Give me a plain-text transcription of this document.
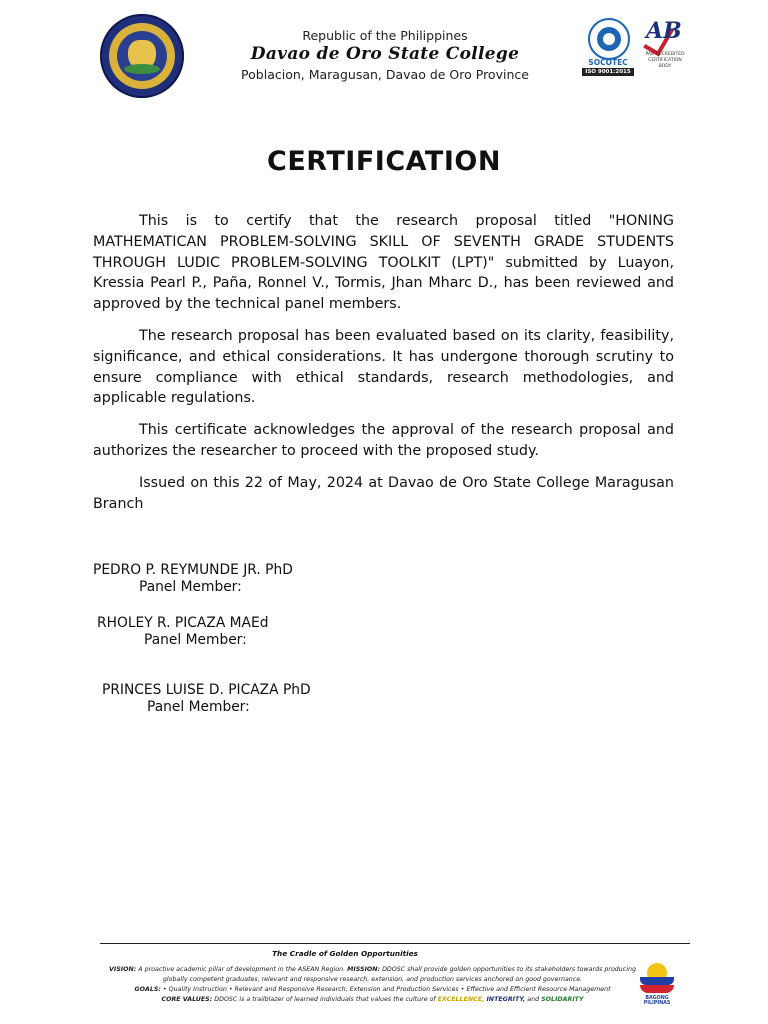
Republic of the Philippines
Davao de Oro State College
Poblacion, Maragusan, Davao de Oro Province
SOCOTEC
ISO 9001:2015
AB
PAB ACCREDITED CERTIFICATION BODY
CERTIFICATION

This is to certify that the research proposal titled "HONING MATHEMATICAN PROBLEM-SOLVING SKILL OF SEVENTH GRADE STUDENTS THROUGH LUDIC PROBLEM-SOLVING TOOLKIT (LPT)" submitted by Luayon, Kressia Pearl P., Paña, Ronnel V., Tormis, Jhan Mharc D., has been reviewed and approved by the technical panel members.

The research proposal has been evaluated based on its clarity, feasibility, significance, and ethical considerations. It has undergone thorough scrutiny to ensure compliance with ethical standards, research methodologies, and applicable regulations.

This certificate acknowledges the approval of the research proposal and authorizes the researcher to proceed with the proposed study.

Issued on this 22 of May, 2024 at Davao de Oro State College Maragusan Branch

PEDRO P. REYMUNDE JR. PhD
Panel Member:
RHOLEY R. PICAZA MAEd
Panel Member:
PRINCES LUISE D. PICAZA PhD
Panel Member:
The Cradle of Golden Opportunities
VISION: A proactive academic pillar of development in the ASEAN Region. MISSION: DDOSC shall provide golden opportunities to its stakeholders towards producing globally competent graduates, relevant and responsive research, extension, and production services anchored on good governance.
GOALS: • Quality Instruction • Relevant and Responsive Research, Extension and Production Services • Effective and Efficient Resource Management
CORE VALUES: DDOSC is a trailblazer of learned individuals that values the culture of EXCELLENCE, INTEGRITY, and SOLIDARITY	BAGONG PILIPINAS
